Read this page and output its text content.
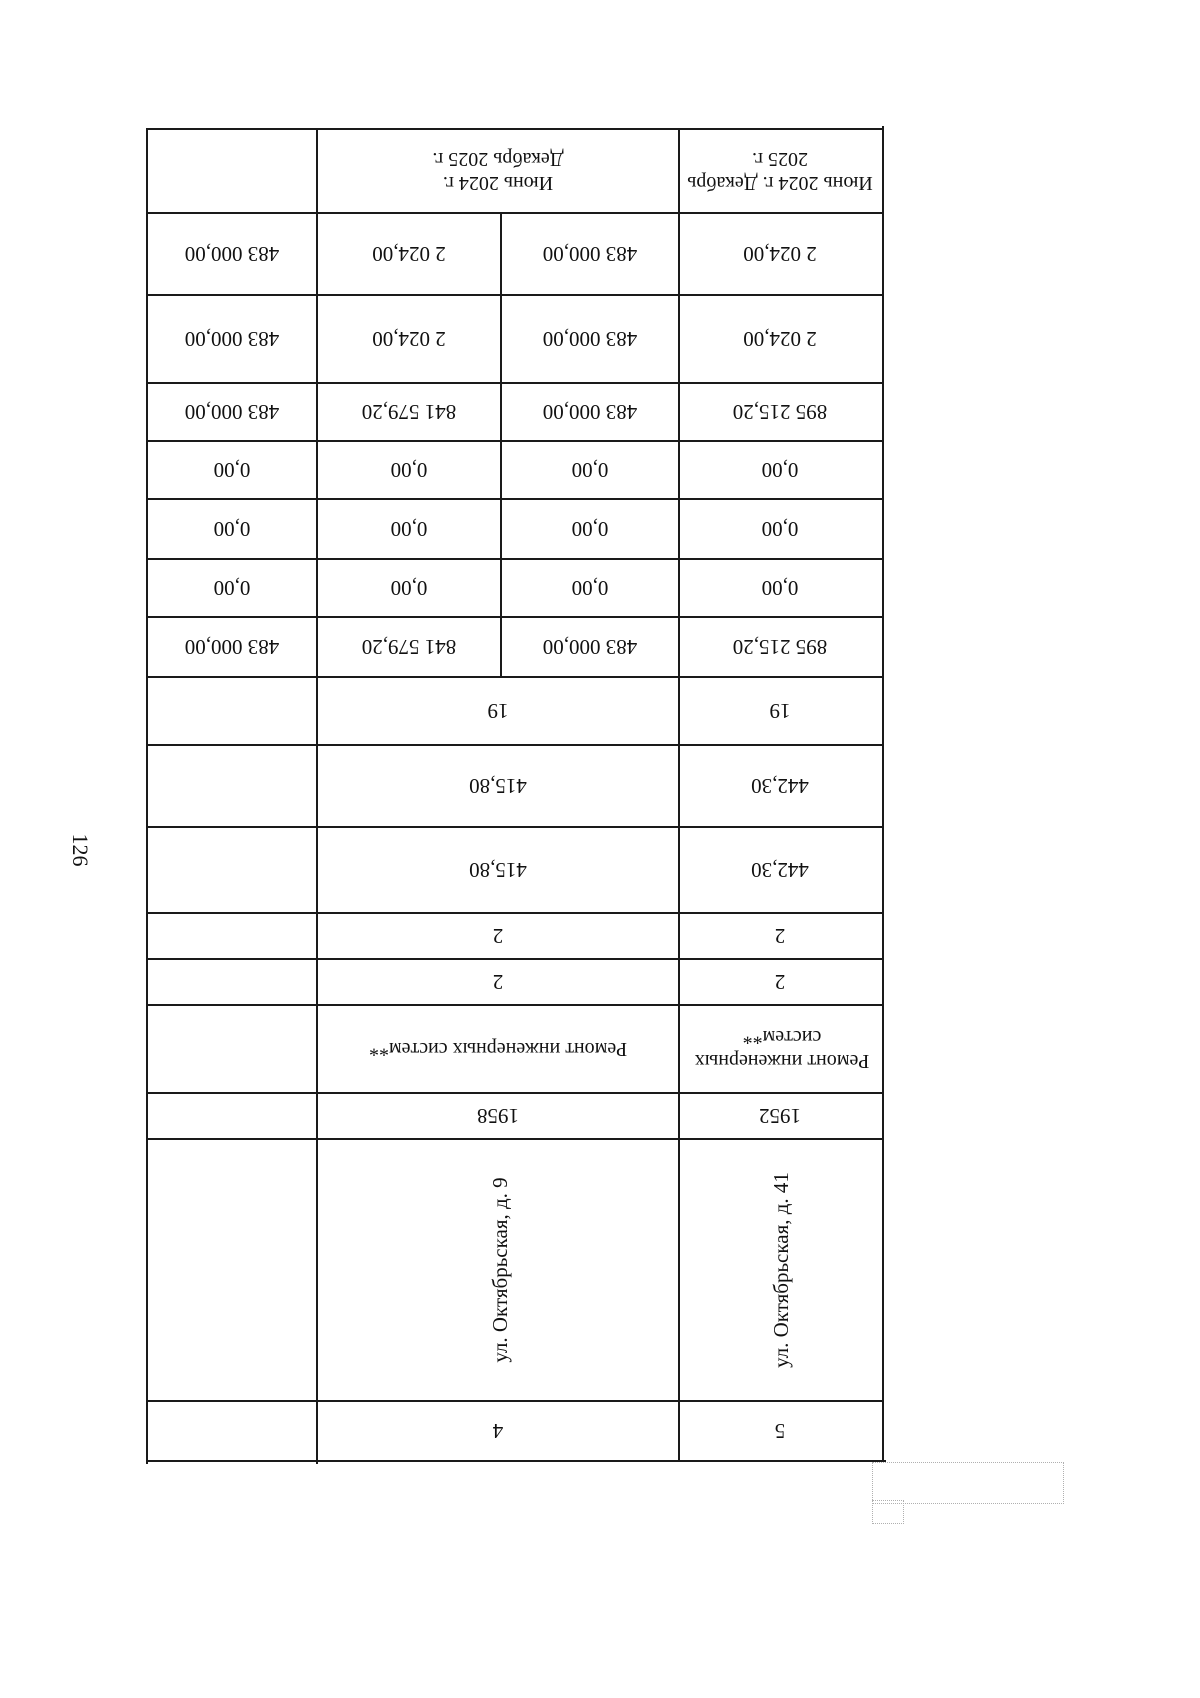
126
Июнь 2024 г. Декабрь 2025 г.
2 024,00
2 024,00
895 215,20
0,00
0,00
0,00
895 215,20
19
442,30
442,30
2
2
Ремонт инженерных систем**
1952
ул. Октябрьская, д. 41
5
483 000,00
483 000,00
483 000,00
0,00
0,00
0,00
483 000,00
Июнь 2024 г. Декабрь 2025 г.
2 024,00
2 024,00
841 579,20
0,00
0,00
0,00
841 579,20
19
415,80
415,80
2
2
Ремонт инженерных систем**
1958
ул. Октябрьская, д. 9
4
483 000,00
483 000,00
483 000,00
0,00
0,00
0,00
483 000,00
